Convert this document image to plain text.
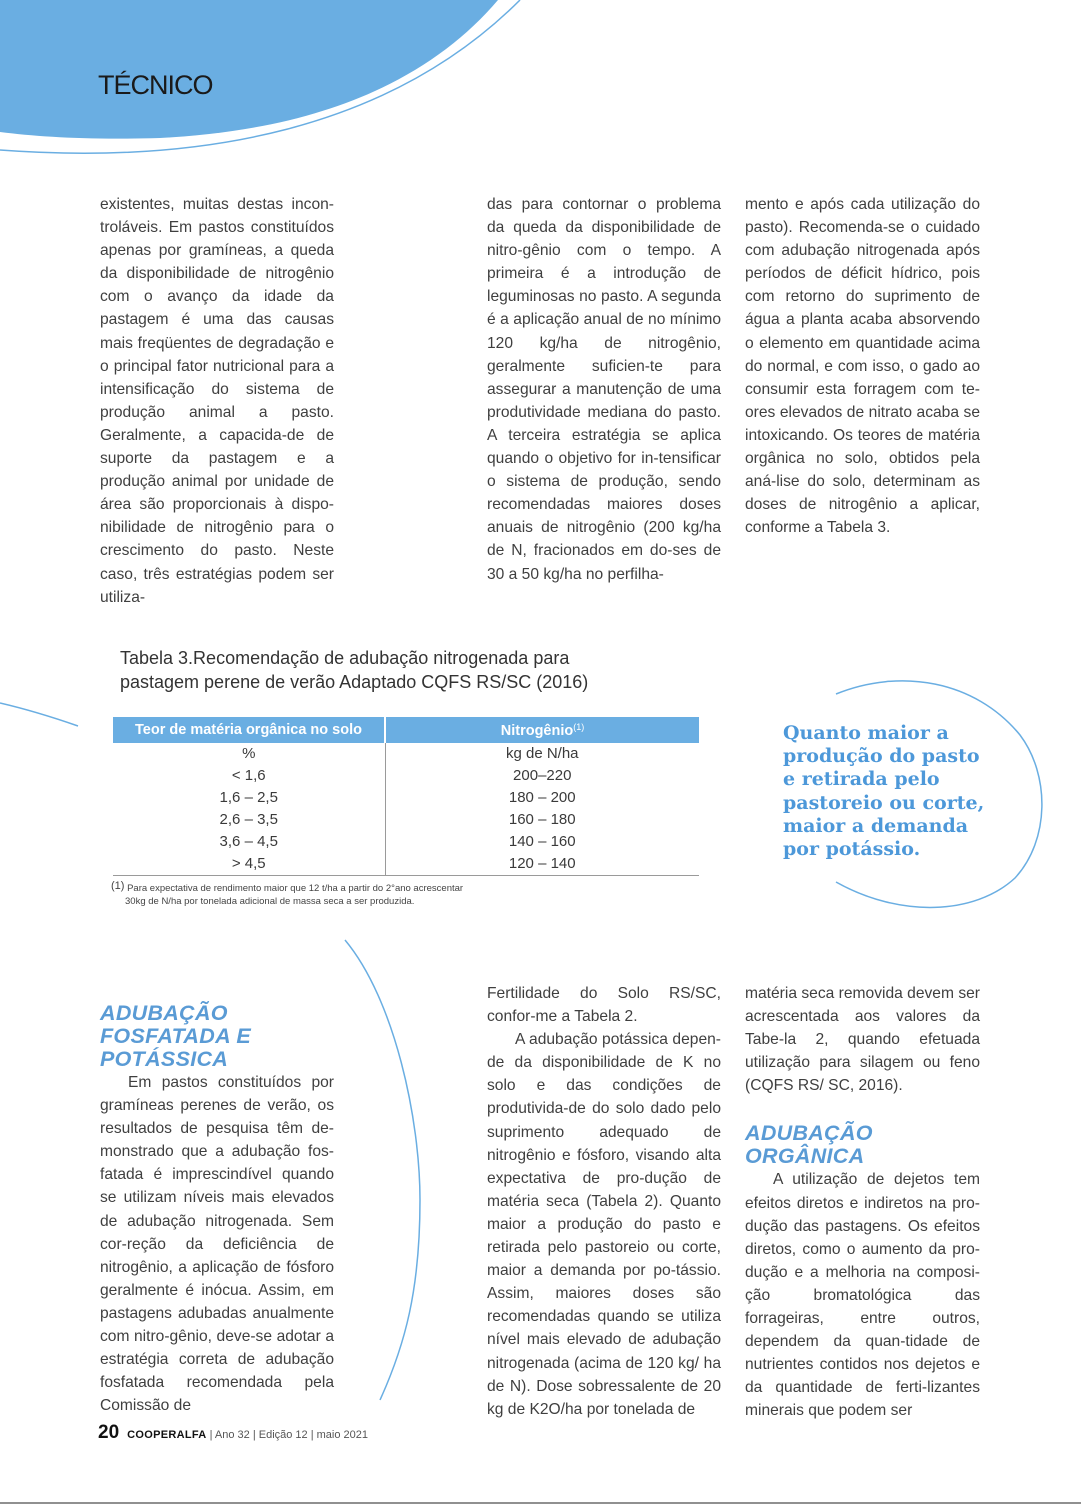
TÉCNICO

existentes, muitas destas incon-troláveis. Em pastos constituídos apenas por gramíneas, a queda da disponibilidade de nitrogênio com o avanço da idade da pastagem é uma das causas mais freqüentes de degradação e o principal fator nutricional para a intensificação do sistema de produção animal a pasto. Geralmente, a capacida-de de suporte da pastagem e a produção animal por unidade de área são proporcionais à dispo-nibilidade de nitrogênio para o crescimento do pasto. Neste caso, três estratégias podem ser utiliza-

das para contornar o problema da queda da disponibilidade de nitro-gênio com o tempo. A primeira é a introdução de leguminosas no pasto. A segunda é a aplicação anual de no mínimo 120 kg/ha de nitrogênio, geralmente suficien-te para assegurar a manutenção de uma produtividade mediana do pasto. A terceira estratégia se aplica quando o objetivo for in-tensificar o sistema de produção, sendo recomendadas maiores doses anuais de nitrogênio (200 kg/ha de N, fracionados em do-ses de 30 a 50 kg/ha no perfilha-

mento e após cada utilização do pasto). Recomenda-se o cuidado com adubação nitrogenada após períodos de déficit hídrico, pois com retorno do suprimento de água a planta acaba absorvendo o elemento em quantidade acima do normal, e com isso, o gado ao consumir esta forragem com te-ores elevados de nitrato acaba se intoxicando. Os teores de matéria orgânica no solo, obtidos pela aná-lise do solo, determinam as doses de nitrogênio a aplicar, conforme a Tabela 3.

Tabela 3.Recomendação de adubação nitrogenada para
pastagem perene de verão Adaptado CQFS RS/SC (2016)
Teor de matéria orgânica no solo	Nitrogênio$^{(1)}$
%	kg de N/ha
< 1,6	200–220
1,6 – 2,5	180 – 200
2,6 – 3,5	160 – 180
3,6 – 4,5	140 – 160
> 4,5	120 – 140
(1) Para expectativa de rendimento maior que 12 t/ha a partir do 2°ano acrescentar
30kg de N/ha por tonelada adicional de massa seca a ser produzida.
Quanto maior a
produção do pasto
e retirada pelo
pastoreio ou corte,
maior a demanda
por potássio.
ADUBAÇÃO
FOSFATADA E
POTÁSSICA

Em pastos constituídos por gramíneas perenes de verão, os resultados de pesquisa têm de-monstrado que a adubação fos-fatada é imprescindível quando se utilizam níveis mais elevados de adubação nitrogenada. Sem cor-reção da deficiência de nitrogênio, a aplicação de fósforo geralmente é inócua. Assim, em pastagens adubadas anualmente com nitro-gênio, deve-se adotar a estratégia correta de adubação fosfatada recomendada pela Comissão de

Fertilidade do Solo RS/SC, confor-me a Tabela 2.

A adubação potássica depen-de da disponibilidade de K no solo e das condições de produtivida-de do solo dado pelo suprimento adequado de nitrogênio e fósforo, visando alta expectativa de pro-dução de matéria seca (Tabela 2). Quanto maior a produção do pasto e retirada pelo pastoreio ou corte, maior a demanda por po-tássio. Assim, maiores doses são recomendadas quando se utiliza nível mais elevado de adubação nitrogenada (acima de 120 kg/ ha de N). Dose sobressalente de 20 kg de K2O/ha por tonelada de

matéria seca removida devem ser acrescentada aos valores da Tabe-la 2, quando efetuada utilização para silagem ou feno (CQFS RS/ SC, 2016).

ADUBAÇÃO
ORGÂNICA

A utilização de dejetos tem efeitos diretos e indiretos na pro-dução das pastagens. Os efeitos diretos, como o aumento da pro-dução e a melhoria na composi-ção bromatológica das forrageiras, entre outros, dependem da quan-tidade de nutrientes contidos nos dejetos e da quantidade de ferti-lizantes minerais que podem ser

20 COOPERALFA | Ano 32 | Edição 12 | maio 2021
